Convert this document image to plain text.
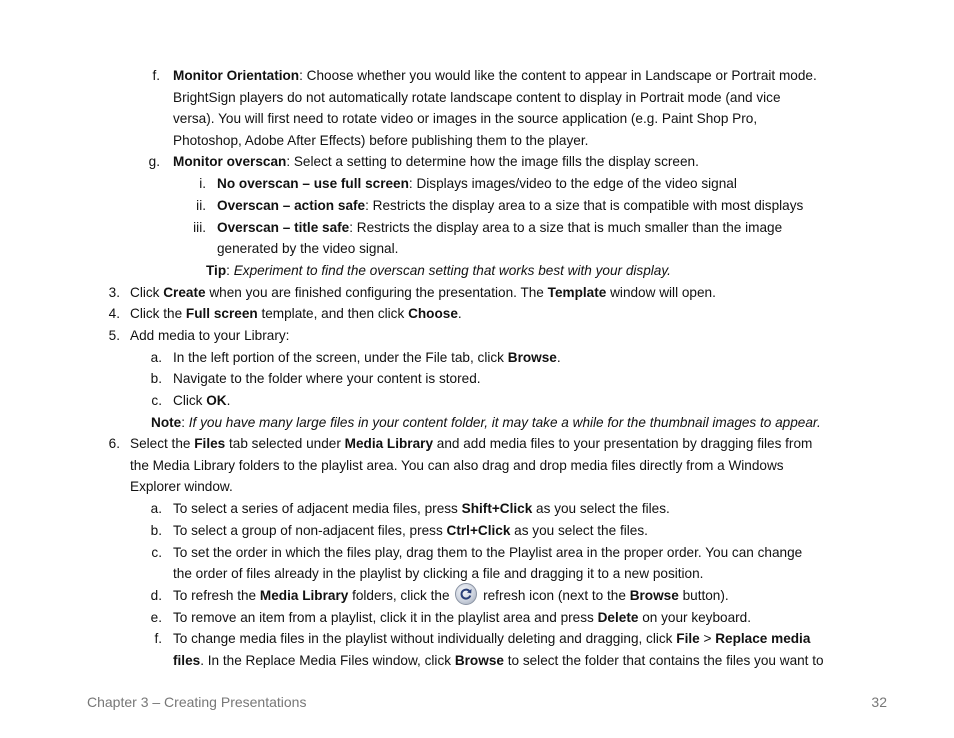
f. Monitor Orientation: Choose whether you would like the content to appear in Landscape or Portrait mode.
BrightSign players do not automatically rotate landscape content to display in Portrait mode (and vice
versa). You will first need to rotate video or images in the source application (e.g. Paint Shop Pro,
Photoshop, Adobe After Effects) before publishing them to the player.
g. Monitor overscan: Select a setting to determine how the image fills the display screen.
i. No overscan – use full screen: Displays images/video to the edge of the video signal
ii. Overscan – action safe: Restricts the display area to a size that is compatible with most displays
iii. Overscan – title safe: Restricts the display area to a size that is much smaller than the image
generated by the video signal.
Tip: Experiment to find the overscan setting that works best with your display.
3. Click Create when you are finished configuring the presentation. The Template window will open.
4. Click the Full screen template, and then click Choose.
5. Add media to your Library:
a. In the left portion of the screen, under the File tab, click Browse.
b. Navigate to the folder where your content is stored.
c. Click OK.
Note: If you have many large files in your content folder, it may take a while for the thumbnail images to appear.
6. Select the Files tab selected under Media Library and add media files to your presentation by dragging files from
the Media Library folders to the playlist area. You can also drag and drop media files directly from a Windows
Explorer window.
a. To select a series of adjacent media files, press Shift+Click as you select the files.
b. To select a group of non-adjacent files, press Ctrl+Click as you select the files.
c. To set the order in which the files play, drag them to the Playlist area in the proper order. You can change
the order of files already in the playlist by clicking a file and dragging it to a new position.
d. To refresh the Media Library folders, click the
refresh icon (next to the Browse button).
e. To remove an item from a playlist, click it in the playlist area and press Delete on your keyboard.
f. To change media files in the playlist without individually deleting and dragging, click File > Replace media
files. In the Replace Media Files window, click Browse to select the folder that contains the files you want to
Chapter 3 – Creating Presentations	32
